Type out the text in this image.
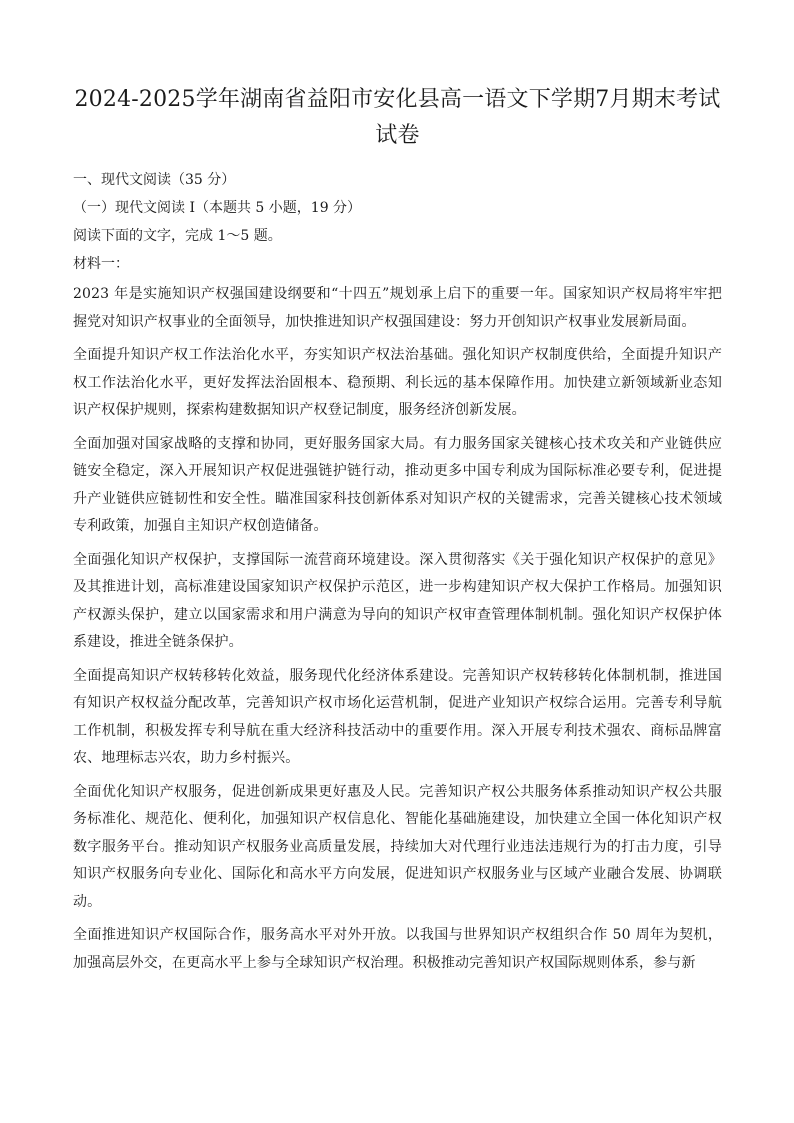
2024-2025学年湖南省益阳市安化县高一语文下学期7月期末考试试卷
一、现代文阅读（35 分）
（一）现代文阅读 I（本题共 5 小题，19 分）
阅读下面的文字，完成 1～5 题。
材料一：
2023 年是实施知识产权强国建设纲要和“十四五”规划承上启下的重要一年。国家知识产权局将牢牢把握党对知识产权事业的全面领导，加快推进知识产权强国建设：努力开创知识产权事业发展新局面。
全面提升知识产权工作法治化水平，夯实知识产权法治基础。强化知识产权制度供给，全面提升知识产权工作法治化水平，更好发挥法治固根本、稳预期、利长远的基本保障作用。加快建立新领域新业态知识产权保护规则，探索构建数据知识产权登记制度，服务经济创新发展。
全面加强对国家战略的支撑和协同，更好服务国家大局。有力服务国家关键核心技术攻关和产业链供应链安全稳定，深入开展知识产权促进强链护链行动，推动更多中国专利成为国际标准必要专利，促进提升产业链供应链韧性和安全性。瞄准国家科技创新体系对知识产权的关键需求，完善关键核心技术领域专利政策，加强自主知识产权创造储备。
全面强化知识产权保护，支撑国际一流营商环境建设。深入贯彻落实《关于强化知识产权保护的意见》及其推进计划，高标准建设国家知识产权保护示范区，进一步构建知识产权大保护工作格局。加强知识产权源头保护，建立以国家需求和用户满意为导向的知识产权审查管理体制机制。强化知识产权保护体系建设，推进全链条保护。
全面提高知识产权转移转化效益，服务现代化经济体系建设。完善知识产权转移转化体制机制，推进国有知识产权权益分配改革，完善知识产权市场化运营机制，促进产业知识产权综合运用。完善专利导航工作机制，积极发挥专利导航在重大经济科技活动中的重要作用。深入开展专利技术强农、商标品牌富农、地理标志兴农，助力乡村振兴。
全面优化知识产权服务，促进创新成果更好惠及人民。完善知识产权公共服务体系推动知识产权公共服务标准化、规范化、便利化，加强知识产权信息化、智能化基础施建设，加快建立全国一体化知识产权数字服务平台。推动知识产权服务业高质量发展，持续加大对代理行业违法违规行为的打击力度，引导知识产权服务向专业化、国际化和高水平方向发展，促进知识产权服务业与区域产业融合发展、协调联动。
全面推进知识产权国际合作，服务高水平对外开放。以我国与世界知识产权组织合作 50 周年为契机，加强高层外交，在更高水平上参与全球知识产权治理。积极推动完善知识产权国际规则体系，参与新
